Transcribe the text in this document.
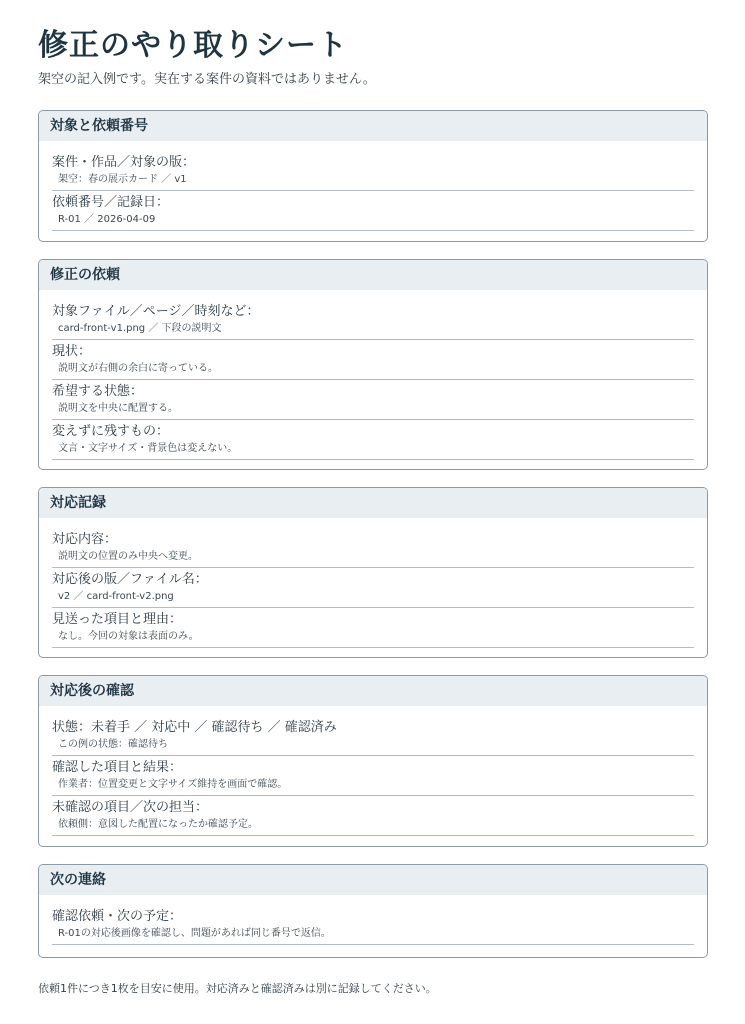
修正のやり取りシート
架空の記入例です。実在する案件の資料ではありません。
対象と依頼番号
案件・作品／対象の版：
架空：春の展示カード ／ v1
依頼番号／記録日：
R-01 ／ 2026-04-09
修正の依頼
対象ファイル／ページ／時刻など：
card-front-v1.png ／ 下段の説明文
現状：
説明文が右側の余白に寄っている。
希望する状態：
説明文を中央に配置する。
変えずに残すもの：
文言・文字サイズ・背景色は変えない。
対応記録
対応内容：
説明文の位置のみ中央へ変更。
対応後の版／ファイル名：
v2 ／ card-front-v2.png
見送った項目と理由：
なし。今回の対象は表面のみ。
対応後の確認
状態：未着手 ／ 対応中 ／ 確認待ち ／ 確認済み
この例の状態：確認待ち
確認した項目と結果：
作業者：位置変更と文字サイズ維持を画面で確認。
未確認の項目／次の担当：
依頼側：意図した配置になったか確認予定。
次の連絡
確認依頼・次の予定：
R-01の対応後画像を確認し、問題があれば同じ番号で返信。
依頼1件につき1枚を目安に使用。対応済みと確認済みは別に記録してください。
